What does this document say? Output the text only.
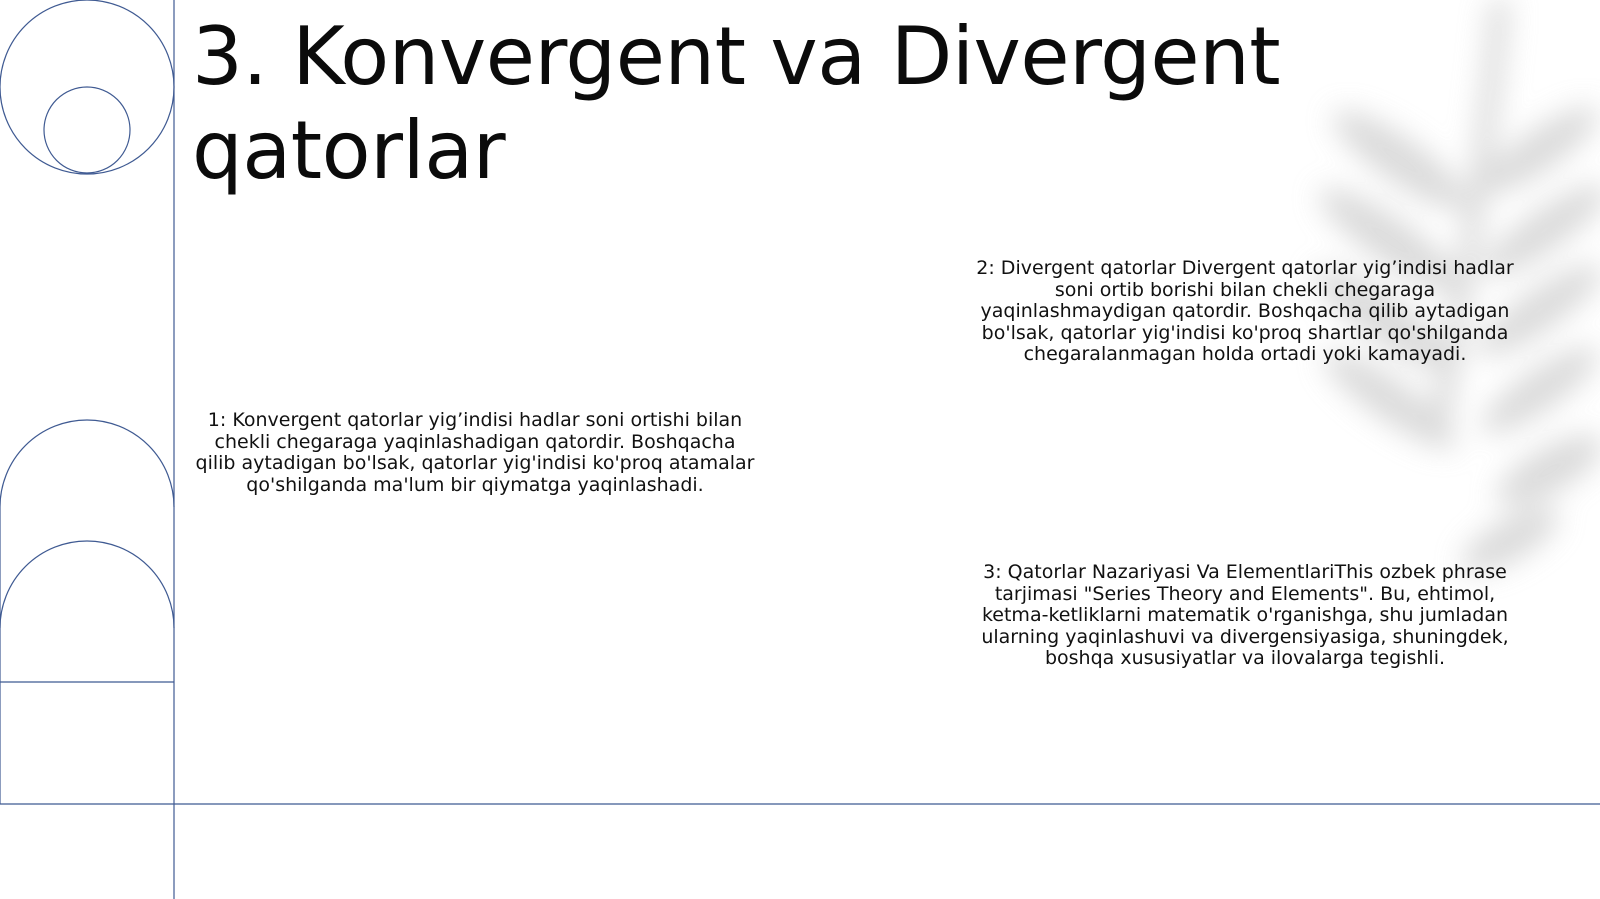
3. Konvergent va Divergent
qatorlar
1: Konvergent qatorlar yig’indisi hadlar soni ortishi bilan chekli chegaraga yaqinlashadigan qatordir. Boshqacha qilib aytadigan bo'lsak, qatorlar yig'indisi ko'proq atamalar qo'shilganda ma'lum bir qiymatga yaqinlashadi.
2: Divergent qatorlar Divergent qatorlar yig’indisi hadlar soni ortib borishi bilan chekli chegaraga yaqinlashmaydigan qatordir. Boshqacha qilib aytadigan bo'lsak, qatorlar yig'indisi ko'proq shartlar qo'shilganda chegaralanmagan holda ortadi yoki kamayadi.
3: Qatorlar Nazariyasi Va ElementlariThis ozbek phrase tarjimasi "Series Theory and Elements". Bu, ehtimol, ketma-ketliklarni matematik o'rganishga, shu jumladan ularning yaqinlashuvi va divergensiyasiga, shuningdek, boshqa xususiyatlar va ilovalarga tegishli.
